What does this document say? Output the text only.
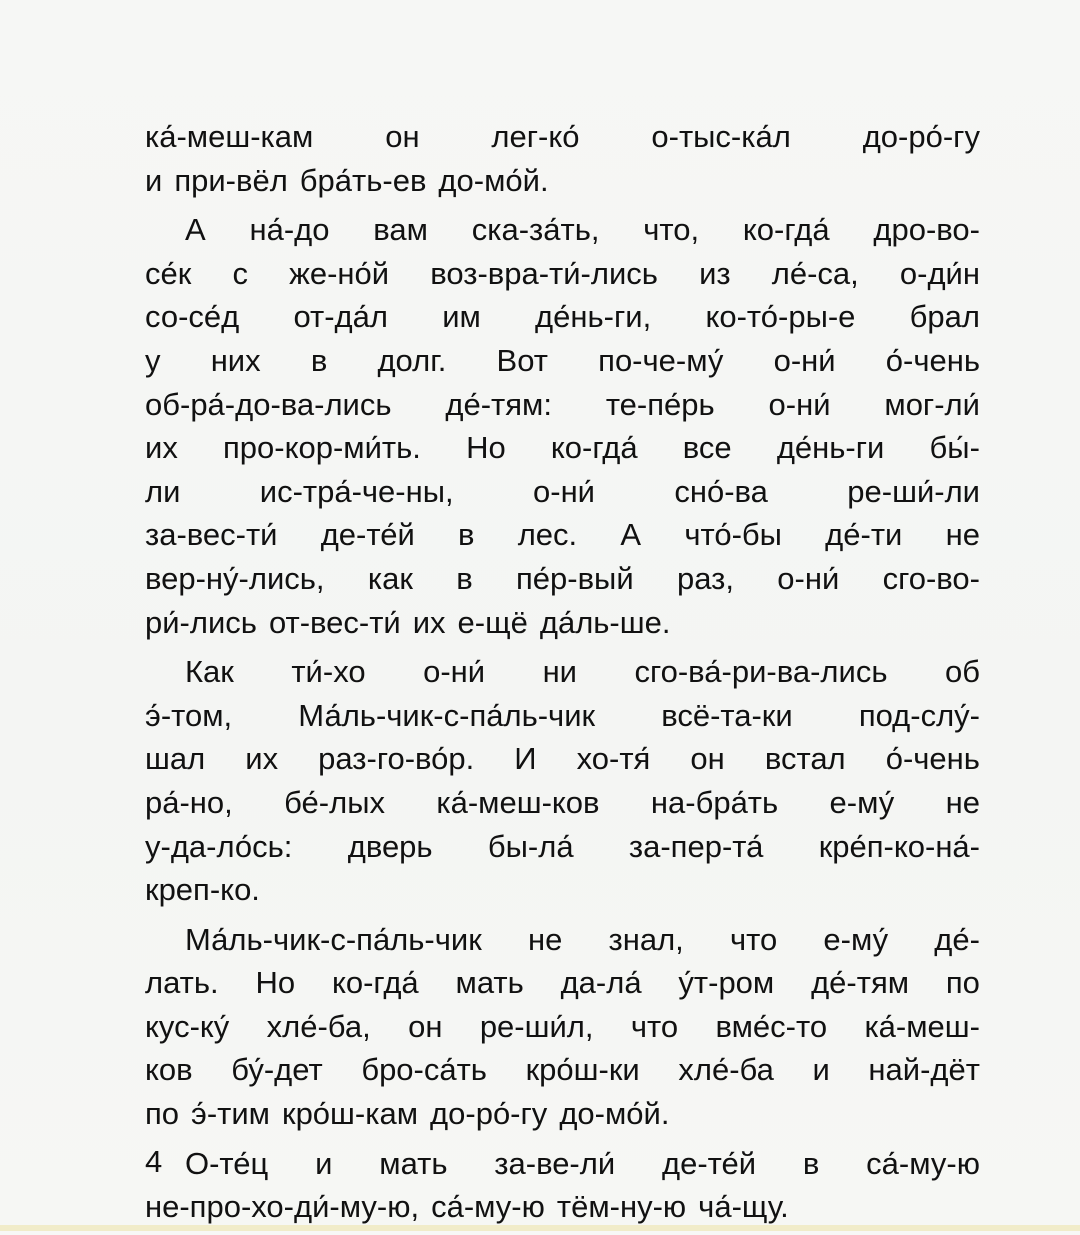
ка́-меш-кам он лег-ко́ о-тыс-ка́л до-ро́-гу
и при-вёл бра́ть-ев до-мо́й.
А на́-до вам ска-за́ть, что, ко-гда́ дро-во-
се́к с же-но́й воз-вра-ти́-лись из ле́-са, о-ди́н
со-се́д от-да́л им де́нь-ги, ко-то́-ры-е брал
у них в долг. Вот по-че-му́ о-ни́ о́-чень
об-ра́-до-ва-лись де́-тям: те-пе́рь о-ни́ мог-ли́
их про-кор-ми́ть. Но ко-гда́ все де́нь-ги бы́-
ли	ис-тра́-че-ны,	о-ни́	сно́-ва	ре-ши́-ли
за-вес-ти́ де-те́й в лес. А что́-бы де́-ти не
вер-ну́-лись, как в пе́р-вый раз, о-ни́ сго-во-
ри́-лись от-вес-ти́ их е-щё да́ль-ше.
Как ти́-хо о-ни́ ни сго-ва́-ри-ва-лись об
э́-том, Ма́ль-чик-с-па́ль-чик всё-та-ки под-слу́-
шал их раз-го-во́р. И хо-тя́ он встал о́-чень
ра́-но, бе́-лых ка́-меш-ков на-бра́ть е-му́ не
у-да-ло́сь: дверь бы-ла́ за-пер-та́ кре́п-ко-на́-
креп-ко.
Ма́ль-чик-с-па́ль-чик не знал, что е-му́ де́-
лать. Но ко-гда́ мать да-ла́ у́т-ром де́-тям по
кус-ку́ хле́-ба, он ре-ши́л, что вме́с-то ка́-меш-
ков бу́-дет бро-са́ть кро́ш-ки хле́-ба и най-дёт
по э́-тим кро́ш-кам до-ро́-гу до-мо́й.
О-те́ц и мать за-ве-ли́ де-те́й в са́-му-ю
не-про-хо-ди́-му-ю, са́-му-ю тём-ну-ю ча́-щу.
4
